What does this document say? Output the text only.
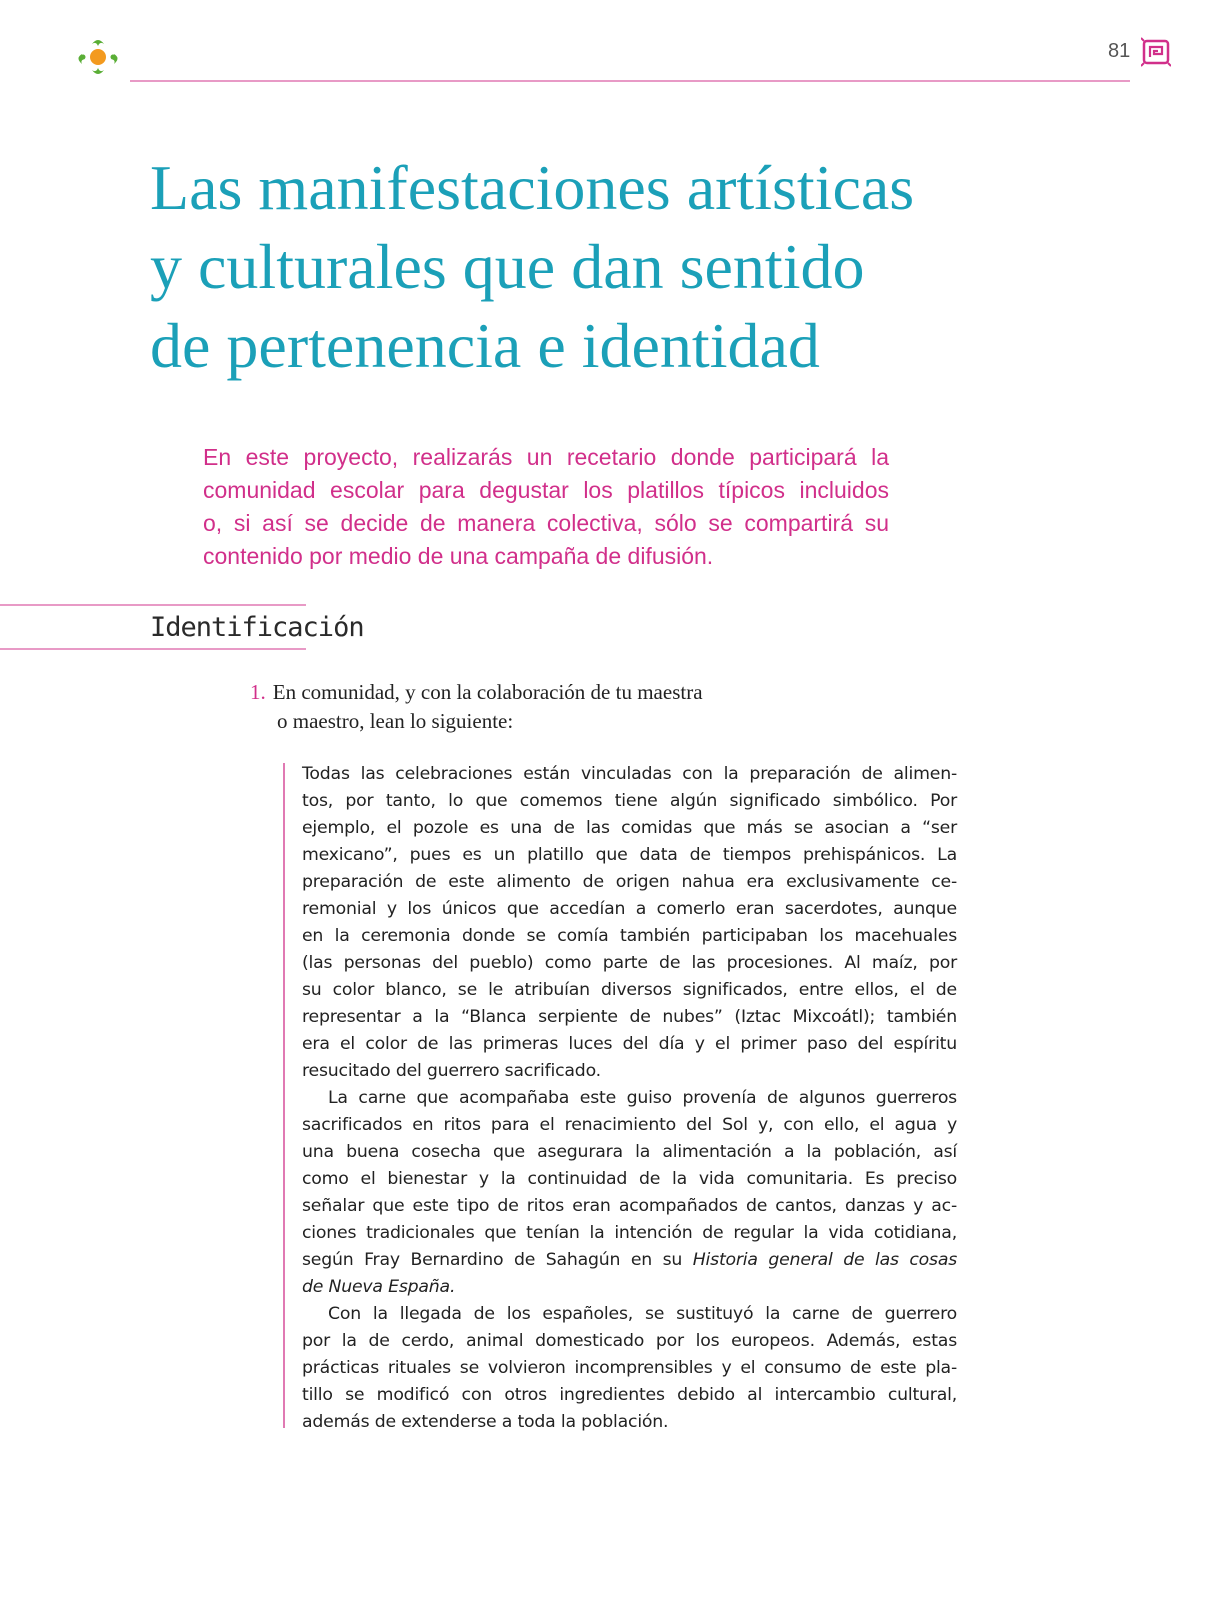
81
Las manifestaciones artísticas
y culturales que dan sentido
de pertenencia e identidad

En este proyecto, realizarás un recetario donde participará la
comunidad escolar para degustar los platillos típicos incluidos
o, si así se decide de manera colectiva, sólo se compartirá su
contenido por medio de una campaña de difusión.

Identificación
1. En comunidad, y con la colaboración de tu maestra
o maestro, lean lo siguiente:
Todas las celebraciones están vinculadas con la preparación de alimen-
tos, por tanto, lo que comemos tiene algún significado simbólico. Por
ejemplo, el pozole es una de las comidas que más se asocian a “ser
mexicano”, pues es un platillo que data de tiempos prehispánicos. La
preparación de este alimento de origen nahua era exclusivamente ce-
remonial y los únicos que accedían a comerlo eran sacerdotes, aunque
en la ceremonia donde se comía también participaban los macehuales
(las personas del pueblo) como parte de las procesiones. Al maíz, por
su color blanco, se le atribuían diversos significados, entre ellos, el de
representar a la “Blanca serpiente de nubes” (Iztac Mixcoátl); también
era el color de las primeras luces del día y el primer paso del espíritu
resucitado del guerrero sacrificado.
La carne que acompañaba este guiso provenía de algunos guerreros
sacrificados en ritos para el renacimiento del Sol y, con ello, el agua y
una buena cosecha que asegurara la alimentación a la población, así
como el bienestar y la continuidad de la vida comunitaria. Es preciso
señalar que este tipo de ritos eran acompañados de cantos, danzas y ac-
ciones tradicionales que tenían la intención de regular la vida cotidiana,
según Fray Bernardino de Sahagún en su Historia general de las cosas
de Nueva España.
Con la llegada de los españoles, se sustituyó la carne de guerrero
por la de cerdo, animal domesticado por los europeos. Además, estas
prácticas rituales se volvieron incomprensibles y el consumo de este pla-
tillo se modificó con otros ingredientes debido al intercambio cultural,
además de extenderse a toda la población.
